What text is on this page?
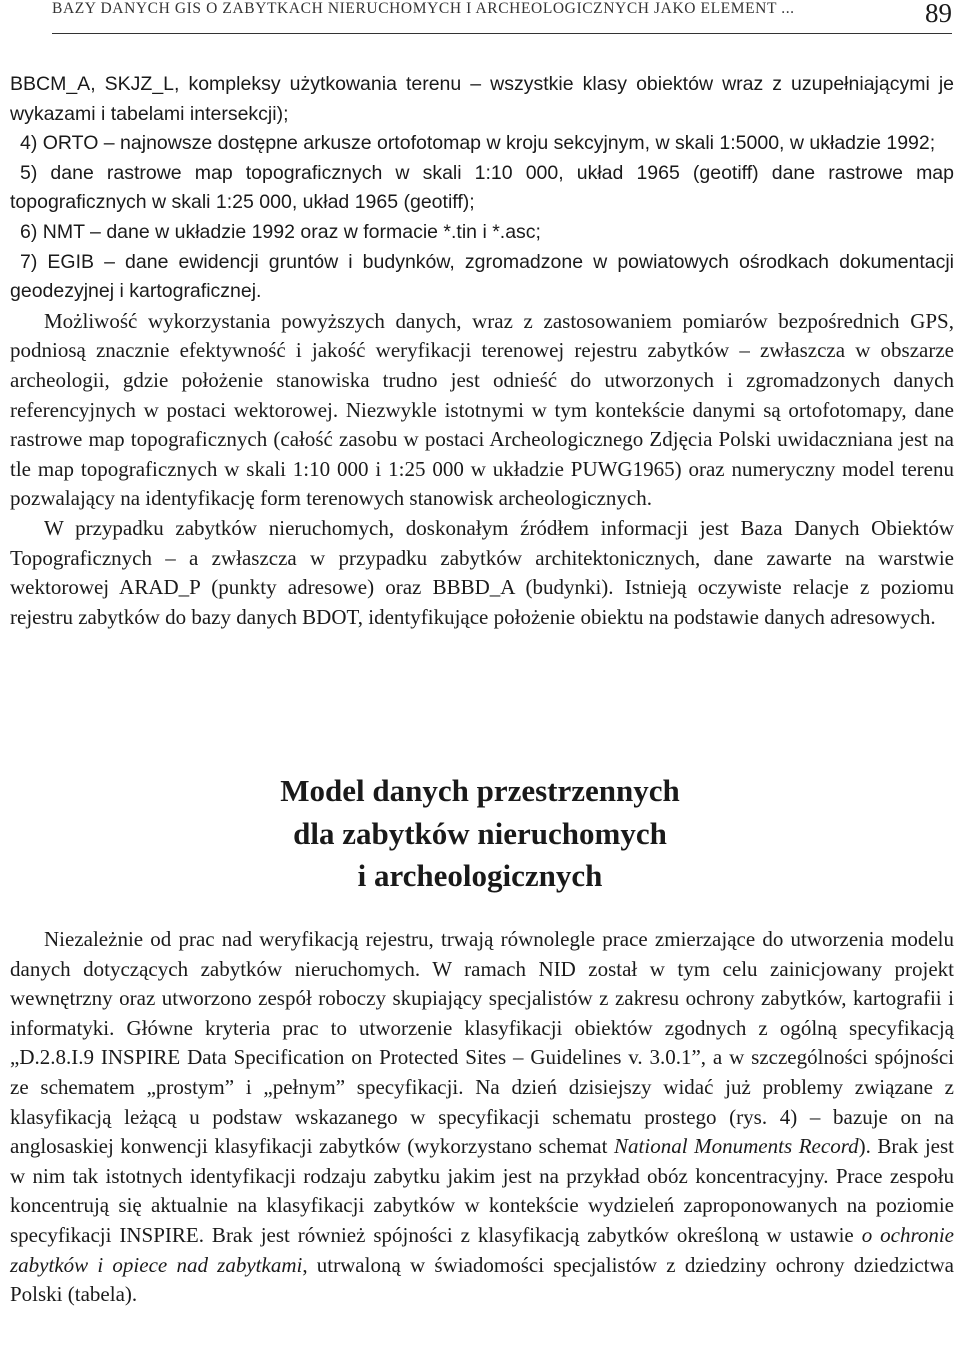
BAZY DANYCH GIS O ZABYTKACH NIERUCHOMYCH I ARCHEOLOGICZNYCH JAKO ELEMENT ...	89

BBCM_A, SKJZ_L, kompleksy użytkowania terenu – wszystkie klasy obiektów wraz z uzupełniającymi je wykazami i tabelami intersekcji);

4) ORTO – najnowsze dostępne arkusze ortofotomap w kroju sekcyjnym, w skali 1:5000, w układzie 1992;

5) dane rastrowe map topograficznych w skali 1:10 000, układ 1965 (geotiff) dane rastrowe map topograficznych w skali 1:25 000, układ 1965 (geotiff);

6) NMT – dane w układzie 1992 oraz w formacie *.tin i *.asc;

7) EGIB – dane ewidencji gruntów i budynków, zgromadzone w powiatowych ośrodkach dokumentacji geodezyjnej i kartograficznej.

Możliwość wykorzystania powyższych danych, wraz z zastosowaniem pomiarów bezpośrednich GPS, podniosą znacznie efektywność i jakość weryfikacji terenowej rejestru zabytków – zwłaszcza w obszarze archeologii, gdzie położenie stanowiska trudno jest odnieść do utworzonych i zgromadzonych danych referencyjnych w postaci wektorowej. Niezwykle istotnymi w tym kontekście danymi są ortofotomapy, dane rastrowe map topograficznych (całość zasobu w postaci Archeologicznego Zdjęcia Polski uwidaczniana jest na tle map topograficznych w skali 1:10 000 i 1:25 000 w układzie PUWG1965) oraz numeryczny model terenu pozwalający na identyfikację form terenowych stanowisk archeologicznych.

W przypadku zabytków nieruchomych, doskonałym źródłem informacji jest Baza Danych Obiektów Topograficznych – a zwłaszcza w przypadku zabytków architektonicznych, dane zawarte na warstwie wektorowej ARAD_P (punkty adresowe) oraz BBBD_A (budynki). Istnieją oczywiste relacje z poziomu rejestru zabytków do bazy danych BDOT, identyfikujące położenie obiektu na podstawie danych adresowych.

Model danych przestrzennych
dla zabytków nieruchomych
i archeologicznych

Niezależnie od prac nad weryfikacją rejestru, trwają równolegle prace zmierzające do utworzenia modelu danych dotyczących zabytków nieruchomych. W ramach NID został w tym celu zainicjowany projekt wewnętrzny oraz utworzono zespół roboczy skupiający specjalistów z zakresu ochrony zabytków, kartografii i informatyki. Główne kryteria prac to utworzenie klasyfikacji obiektów zgodnych z ogólną specyfikacją „D.2.8.I.9 INSPIRE Data Specification on Protected Sites – Guidelines v. 3.0.1”, a w szczególności spójności ze schematem „prostym” i „pełnym” specyfikacji. Na dzień dzisiejszy widać już problemy związane z klasyfikacją leżącą u podstaw wskazanego w specyfikacji schematu prostego (rys. 4) – bazuje on na anglosaskiej konwencji klasyfikacji zabytków (wykorzystano schemat National Monuments Record). Brak jest w nim tak istotnych identyfikacji rodzaju zabytku jakim jest na przykład obóz koncentracyjny. Prace zespołu koncentrują się aktualnie na klasyfikacji zabytków w kontekście wydzieleń zaproponowanych na poziomie specyfikacji INSPIRE. Brak jest również spójności z klasyfikacją zabytków określoną w ustawie o ochronie zabytków i opiece nad zabytkami, utrwaloną w świadomości specjalistów z dziedziny ochrony dziedzictwa Polski (tabela).
